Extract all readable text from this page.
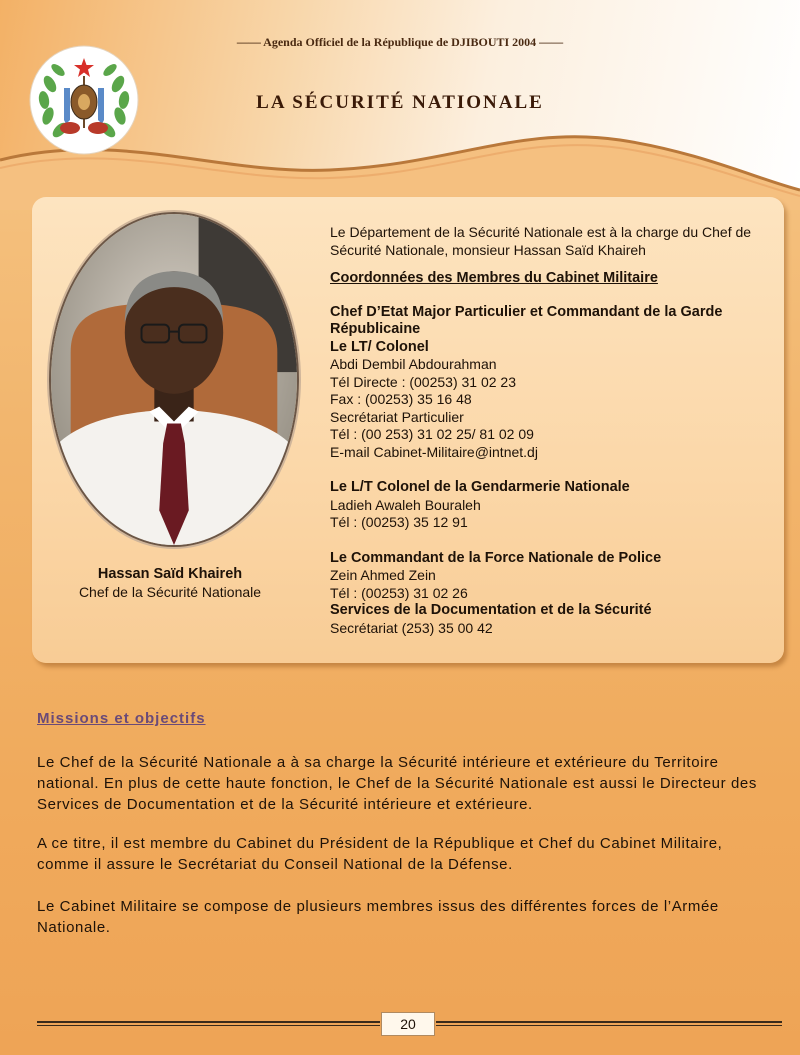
—— Agenda Officiel de la République de DJIBOUTI 2004 ——
LA SÉCURITÉ NATIONALE
Hassan Saïd Khaireh
Chef de la Sécurité Nationale
Le Département de la Sécurité Nationale est à la charge du Chef de Sécurité Nationale, monsieur Hassan Saïd Khaireh
Coordonnées des Membres du Cabinet Militaire
Chef D’Etat Major Particulier et Commandant de la Garde
Républicaine
Le LT/ Colonel
Abdi Dembil Abdourahman
Tél Directe : (00253) 31 02 23
Fax : (00253) 35 16 48
Secrétariat Particulier
Tél : (00 253) 31 02 25/ 81 02 09
E-mail Cabinet-Militaire@intnet.dj
Le L/T Colonel de la Gendarmerie Nationale
Ladieh Awaleh Bouraleh
Tél : (00253) 35 12 91
Le Commandant de la Force Nationale de Police
Zein Ahmed Zein
Tél : (00253) 31 02 26
Services de la Documentation et de la Sécurité
Secrétariat (253) 35 00 42
Missions et objectifs

Le Chef de la Sécurité Nationale a à sa charge la Sécurité intérieure et extérieure du Territoire national. En plus de cette haute fonction, le Chef de la Sécurité Nationale est aussi le Directeur des Services de Documentation et de la Sécurité intérieure et extérieure.

A ce titre, il est membre du Cabinet du Président de la République et Chef du Cabinet Militaire, comme il assure le Secrétariat du Conseil National de la Défense.

Le Cabinet Militaire se compose de plusieurs membres issus des différentes forces de l’Armée Nationale.

20
